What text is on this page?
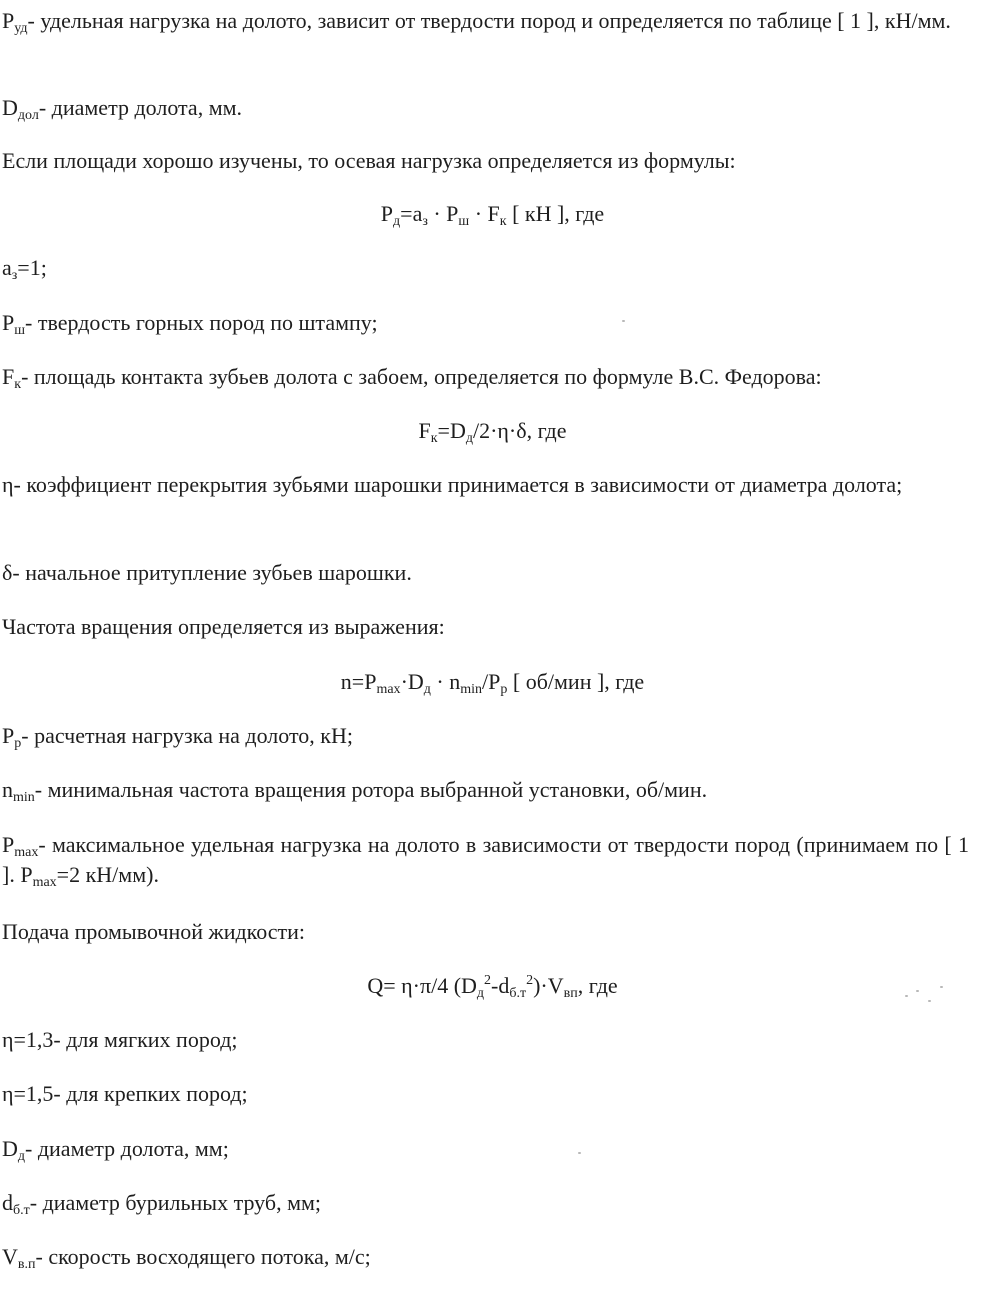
$Р_{уд}-$ удельная нагрузка на долото, зависит от твердости пород и определяется по таблице [ 1 ], кН/мм.
$D_{дол}-$ диаметр долота, мм.
Если площади хорошо изучены, то осевая нагрузка определяется из формулы:
$Р_д=а_з \cdot Р_ш \cdot F_к$ [ кН ], где
$а_з=1$;
$Р_ш-$ твердость горных пород по штампу;
$F_к-$ площадь контакта зубьев долота с забоем, определяется по формуле В.С. Федорова:
$F_к=D_д/2\cdot\eta\cdot\delta$, где
η- коэффициент перекрытия зубьями шарошки принимается в зависимости от диаметра долота;
δ- начальное притупление зубьев шарошки.
Частота вращения определяется из выражения:
$n=P_{max}\cdot D_д \cdot n_{min}/P_p$ [ об/мин ], где
$P_p-$ расчетная нагрузка на долото, кН;
$n_{min}-$ минимальная частота вращения ротора выбранной установки, об/мин.
$P_{max}-$ максимальное удельная нагрузка на долото в зависимости от твердости пород (принимаем по [ 1 ]. $P_{max}=2$ кН/мм).
Подача промывочной жидкости:
Q= η·π/4 $(D_д^2-d_{б.т}^2)\cdot V_{вп}$, где
η=1,3- для мягких пород;
η=1,5- для крепких пород;
$D_д-$ диаметр долота, мм;
$d_{б.т}-$ диаметр бурильных труб, мм;
$V_{в.п}-$ скорость восходящего потока, м/с;
